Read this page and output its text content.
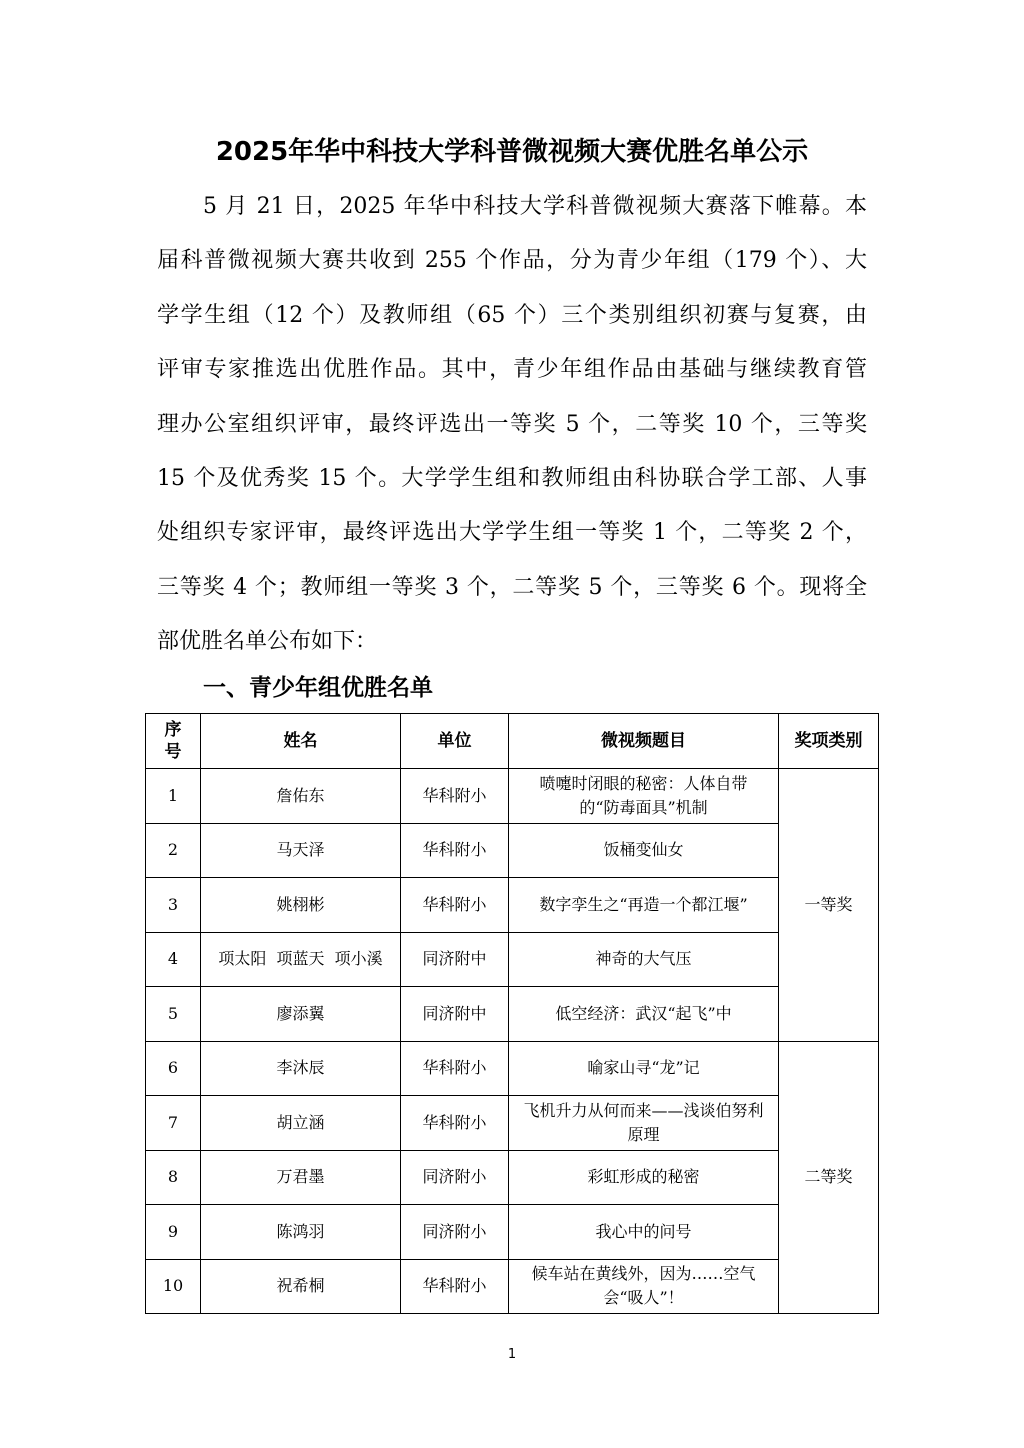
2025年华中科技大学科普微视频大赛优胜名单公示
5 月 21 日，2025 年华中科技大学科普微视频大赛落下帷幕。本
届科普微视频大赛共收到 255 个作品，分为青少年组（179 个）、大
学学生组（12 个）及教师组（65 个）三个类别组织初赛与复赛，由
评审专家推选出优胜作品。其中，青少年组作品由基础与继续教育管
理办公室组织评审，最终评选出一等奖 5 个，二等奖 10 个，三等奖
15 个及优秀奖 15 个。大学学生组和教师组由科协联合学工部、人事
处组织专家评审，最终评选出大学学生组一等奖 1 个，二等奖 2 个，
三等奖 4 个；教师组一等奖 3 个，二等奖 5 个，三等奖 6 个。现将全
部优胜名单公布如下：
一、青少年组优胜名单
序
号	姓名	单位	微视频题目	奖项类别
1	詹佑东	华科附小	喷嚏时闭眼的秘密：人体自带的“防毒面具”机制	一等奖
2	马天泽	华科附小	饭桶变仙女	
3	姚栩彬	华科附小	数字孪生之“再造一个都江堰”	
4	项太阳  项蓝天  项小溪	同济附中	神奇的大气压	
5	廖添翼	同济附中	低空经济：武汉“起飞”中	
6	李沐辰	华科附小	喻家山寻“龙”记	二等奖
7	胡立涵	华科附小	飞机升力从何而来——浅谈伯努利原理	
8	万君墨	同济附小	彩虹形成的秘密	
9	陈鸿羽	同济附小	我心中的问号	
10	祝希桐	华科附小	候车站在黄线外，因为……空气会“吸人”！	
1
